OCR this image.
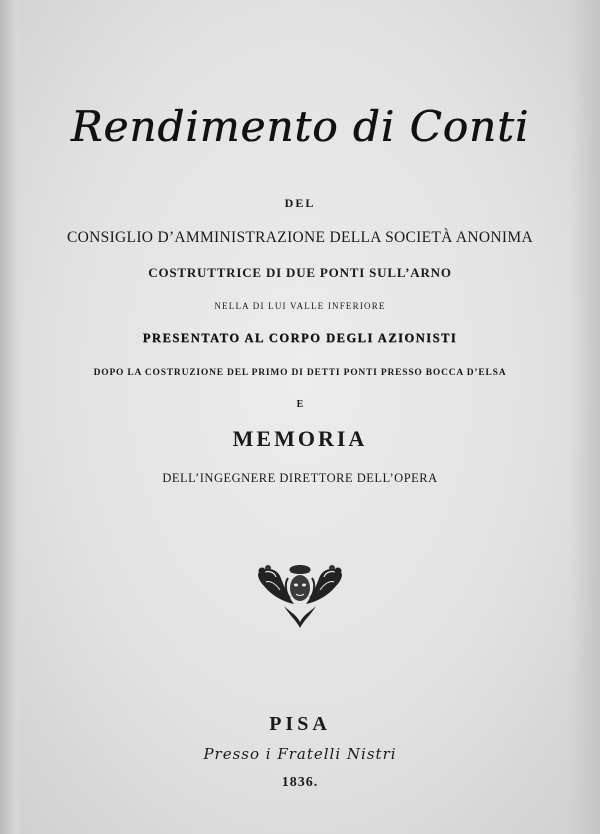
Rendimento di Conti
DEL
CONSIGLIO D’AMMINISTRAZIONE DELLA SOCIETÀ ANONIMA
COSTRUTTRICE DI DUE PONTI SULL’ARNO
NELLA DI LUI VALLE INFERIORE
PRESENTATO AL CORPO DEGLI AZIONISTI
DOPO LA COSTRUZIONE DEL PRIMO DI DETTI PONTI PRESSO BOCCA D’ELSA
E
MEMORIA
DELL’INGEGNERE DIRETTORE DELL’OPERA
PISA
Presso i Fratelli Nistri
1836.
